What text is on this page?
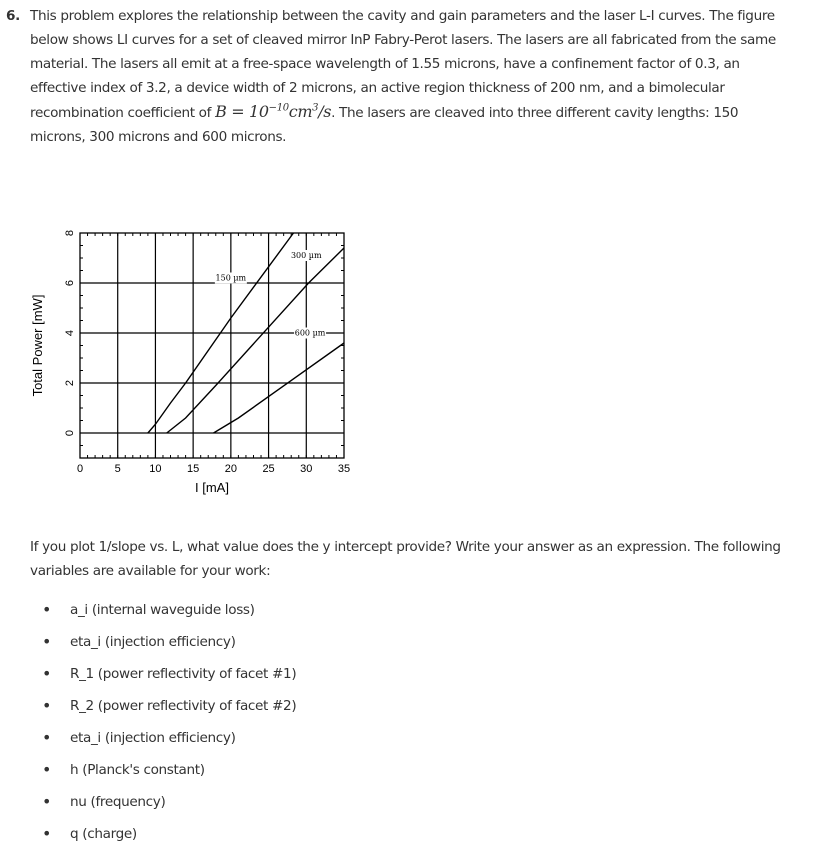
6. This problem explores the relationship between the cavity and gain parameters and the laser L-I curves. The figure below shows LI curves for a set of cleaved mirror InP Fabry-Perot lasers. The lasers are all fabricated from the same material. The lasers all emit at a free-space wavelength of 1.55 microns, have a confinement factor of 0.3, an effective index of 3.2, a device width of 2 microns, an active region thickness of 200 nm, and a bimolecular recombination coefficient of $B = 10^{-10}cm^3/s$. The lasers are cleaved into three different cavity lengths: 150 microns, 300 microns and 600 microns.
0	5	10 15 20 25 30 35
0
2
4
6
8
I [mA]
Total Power [mW]
150 µm
300 µm
600 µm
If you plot 1/slope vs. L, what value does the y intercept provide? Write your answer as an expression. The following variables are available for your work:
• a_i (internal waveguide loss)
• eta_i (injection efficiency)
• R_1 (power reflectivity of facet #1)
• R_2 (power reflectivity of facet #2)
• eta_i (injection efficiency)
• h (Planck's constant)
• nu (frequency)
• q (charge)
